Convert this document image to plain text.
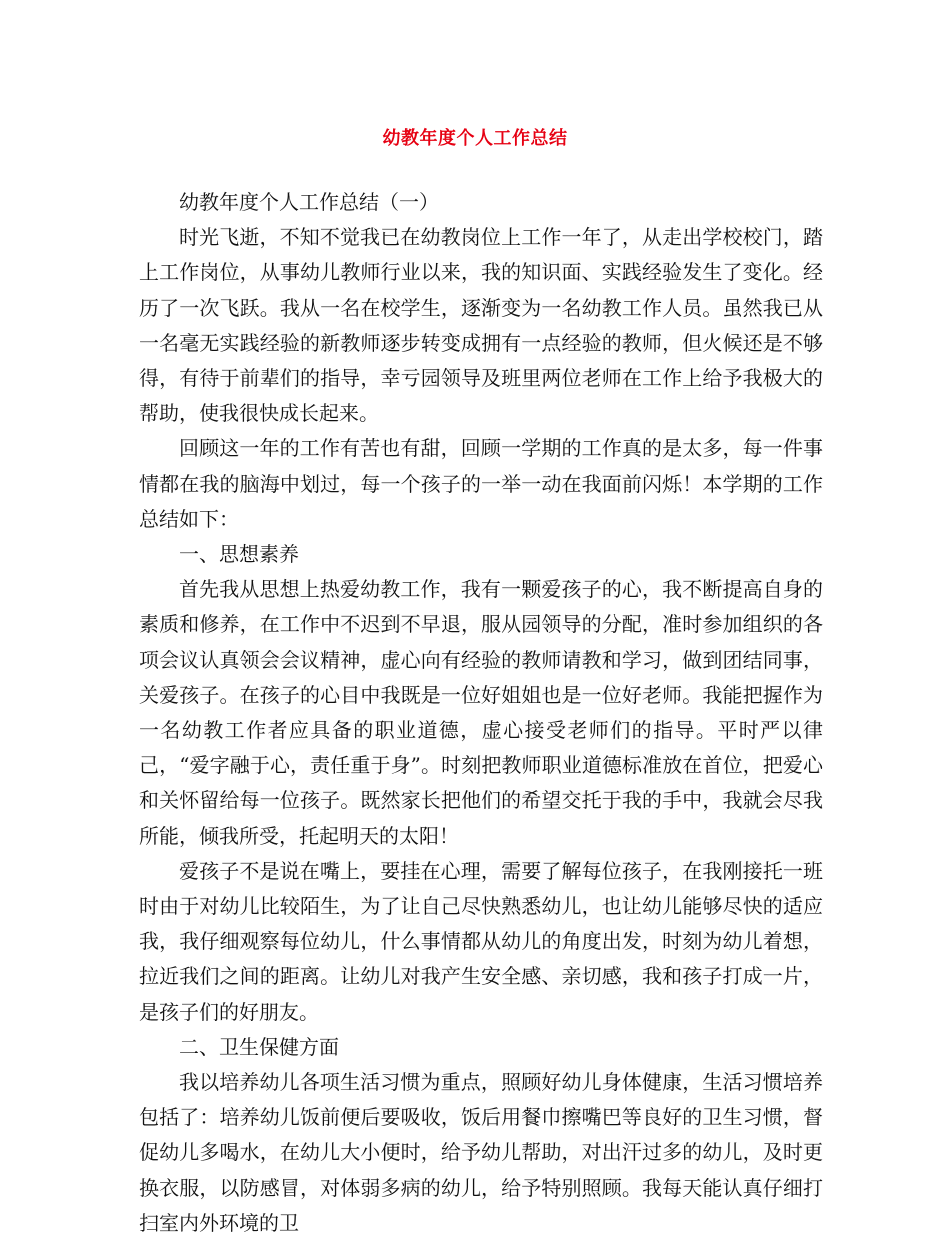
幼教年度个人工作总结

幼教年度个人工作总结（一）

时光飞逝，不知不觉我已在幼教岗位上工作一年了，从走出学校校门，踏上工作岗位，从事幼儿教师行业以来，我的知识面、实践经验发生了变化。经历了一次飞跃。我从一名在校学生，逐渐变为一名幼教工作人员。虽然我已从一名毫无实践经验的新教师逐步转变成拥有一点经验的教师，但火候还是不够得，有待于前辈们的指导，幸亏园领导及班里两位老师在工作上给予我极大的帮助，使我很快成长起来。

回顾这一年的工作有苦也有甜，回顾一学期的工作真的是太多，每一件事情都在我的脑海中划过，每一个孩子的一举一动在我面前闪烁！本学期的工作总结如下：

一、思想素养

首先我从思想上热爱幼教工作，我有一颗爱孩子的心，我不断提高自身的素质和修养，在工作中不迟到不早退，服从园领导的分配，准时参加组织的各项会议认真领会会议精神，虚心向有经验的教师请教和学习，做到团结同事，关爱孩子。在孩子的心目中我既是一位好姐姐也是一位好老师。我能把握作为一名幼教工作者应具备的职业道德，虚心接受老师们的指导。平时严以律己，“爱字融于心，责任重于身”。时刻把教师职业道德标准放在首位，把爱心和关怀留给每一位孩子。既然家长把他们的希望交托于我的手中，我就会尽我所能，倾我所受，托起明天的太阳！

爱孩子不是说在嘴上，要挂在心理，需要了解每位孩子，在我刚接托一班时由于对幼儿比较陌生，为了让自己尽快熟悉幼儿，也让幼儿能够尽快的适应我，我仔细观察每位幼儿，什么事情都从幼儿的角度出发，时刻为幼儿着想，拉近我们之间的距离。让幼儿对我产生安全感、亲切感，我和孩子打成一片，是孩子们的好朋友。

二、卫生保健方面

我以培养幼儿各项生活习惯为重点，照顾好幼儿身体健康，生活习惯培养包括了：培养幼儿饭前便后要吸收，饭后用餐巾擦嘴巴等良好的卫生习惯，督促幼儿多喝水，在幼儿大小便时，给予幼儿帮助，对出汗过多的幼儿，及时更换衣服，以防感冒，对体弱多病的幼儿，给予特别照顾。我每天能认真仔细打扫室内外环境的卫
